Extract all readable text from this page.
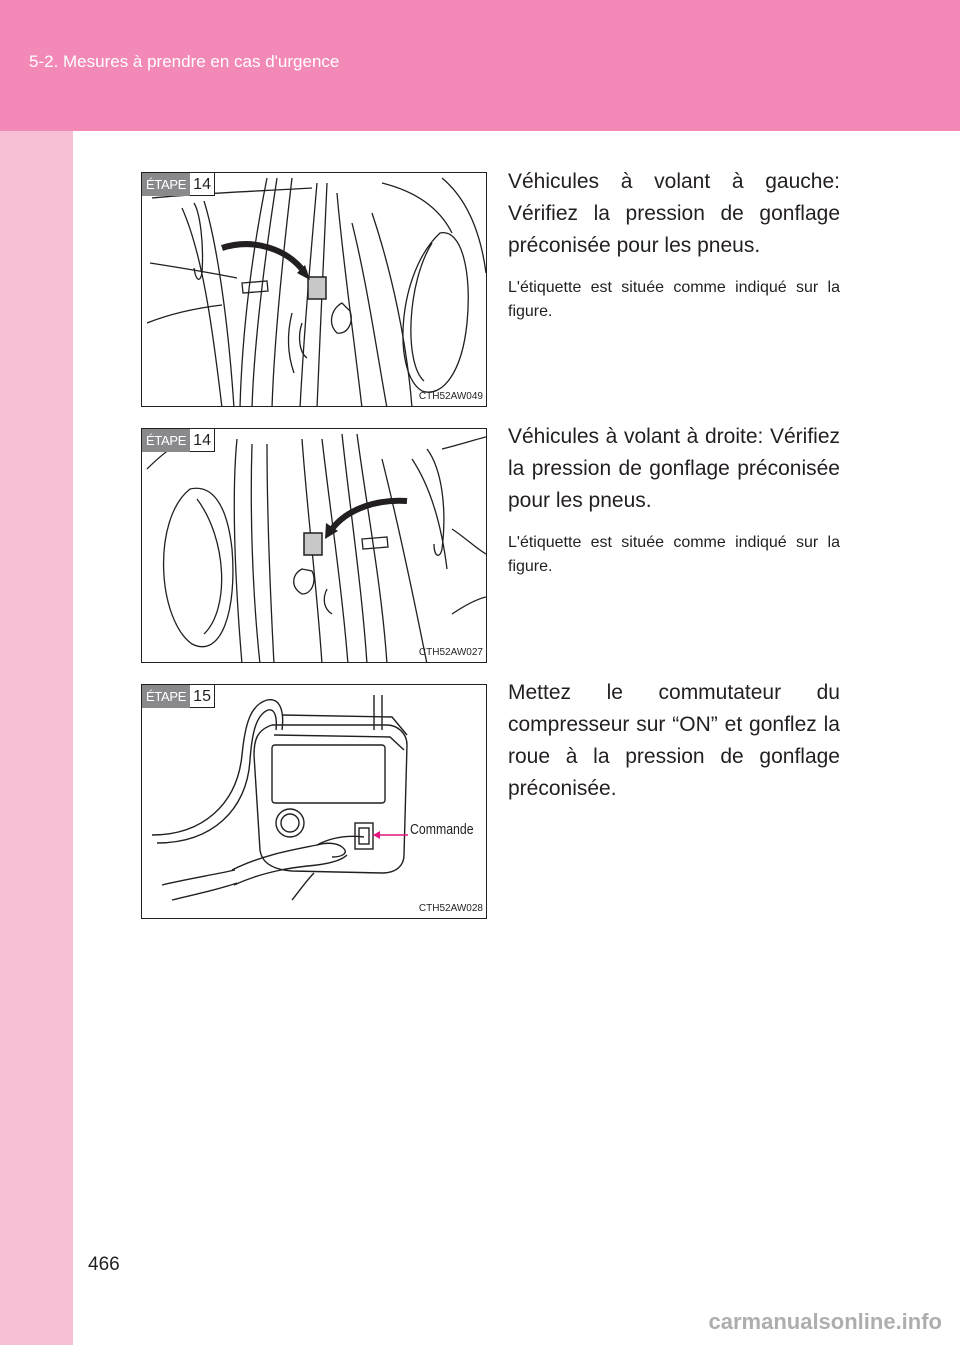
5-2. Mesures à prendre en cas d'urgence
ÉTAPE 14
CTH52AW049

Véhicules à volant à gauche: Vérifiez la pression de gonflage préconisée pour les pneus.

L'étiquette est située comme indiqué sur la figure.

ÉTAPE 14
CTH52AW027

Véhicules à volant à droite: Vérifiez la pression de gonflage préconisée pour les pneus.

L'étiquette est située comme indiqué sur la figure.

Commande
ÉTAPE 15
CTH52AW028

Mettez le commutateur du compresseur sur “ON” et gonflez la roue à la pression de gonflage préconisée.

466
carmanualsonline.info
